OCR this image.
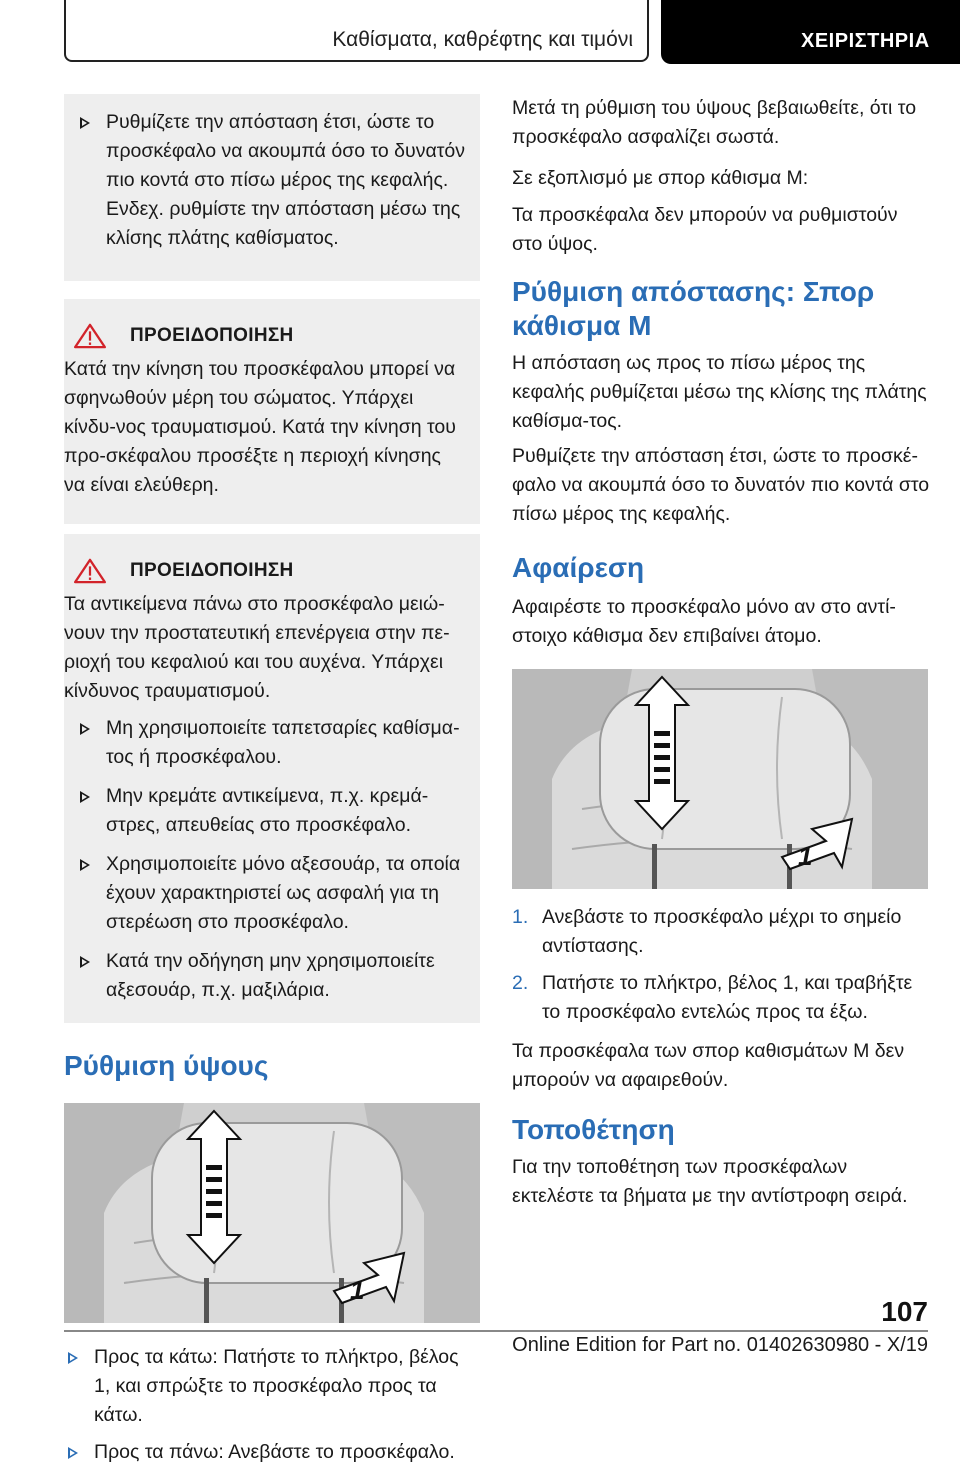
Καθίσματα, καθρέφτης και τιμόνι	ΧΕΙΡΙΣΤΗΡΙΑ
Ρυθμίζετε την απόσταση έτσι, ώστε το προσκέφαλο να ακουμπά όσο το δυνατόν πιο κοντά στο πίσω μέρος της κεφαλής. Ενδεχ. ρυθμίστε την απόσταση μέσω της κλίσης πλάτης καθίσματος.
ΠΡΟΕΙΔΟΠΟΙΗΣΗ

Κατά την κίνηση του προσκέφαλου μπορεί να σφηνωθούν μέρη του σώματος. Υπάρχει κίνδυ-νος τραυματισμού. Κατά την κίνηση του προ-σκέφαλου προσέξτε η περιοχή κίνησης να είναι ελεύθερη.

ΠΡΟΕΙΔΟΠΟΙΗΣΗ

Τα αντικείμενα πάνω στο προσκέφαλο μειώ-νουν την προστατευτική επενέργεια στην πε-ριοχή του κεφαλιού και του αυχένα. Υπάρχει κίνδυνος τραυματισμού.

Μη χρησιμοποιείτε ταπετσαρίες καθίσμα-τος ή προσκέφαλου.
Μην κρεμάτε αντικείμενα, π.χ. κρεμά-στρες, απευθείας στο προσκέφαλο.
Χρησιμοποιείτε μόνο αξεσουάρ, τα οποία έχουν χαρακτηριστεί ως ασφαλή για τη στερέωση στο προσκέφαλο.
Κατά την οδήγηση μην χρησιμοποιείτε αξεσουάρ, π.χ. μαξιλάρια.
Ρύθμιση ύψους
1
Προς τα κάτω: Πατήστε το πλήκτρο, βέλος 1, και σπρώξτε το προσκέφαλο προς τα κάτω.
Προς τα πάνω: Ανεβάστε το προσκέφαλο.

Μετά τη ρύθμιση του ύψους βεβαιωθείτε, ότι το προσκέφαλο ασφαλίζει σωστά.

Σε εξοπλισμό με σπορ κάθισμα M:

Τα προσκέφαλα δεν μπορούν να ρυθμιστούν στο ύψος.

Ρύθμιση απόστασης: Σπορ κάθισμα M

Η απόσταση ως προς το πίσω μέρος της κεφαλής ρυθμίζεται μέσω της κλίσης της πλάτης καθίσμα-τος.

Ρυθμίζετε την απόσταση έτσι, ώστε το προσκέ-φαλο να ακουμπά όσο το δυνατόν πιο κοντά στο πίσω μέρος της κεφαλής.

Αφαίρεση

Αφαιρέστε το προσκέφαλο μόνο αν στο αντί-στοιχο κάθισμα δεν επιβαίνει άτομο.

1
1. Ανεβάστε το προσκέφαλο μέχρι το σημείο αντίστασης.
2. Πατήστε το πλήκτρο, βέλος 1, και τραβήξτε το προσκέφαλο εντελώς προς τα έξω.

Τα προσκέφαλα των σπορ καθισμάτων M δεν μπορούν να αφαιρεθούν.

Τοποθέτηση

Για την τοποθέτηση των προσκέφαλων εκτελέστε τα βήματα με την αντίστροφη σειρά.

107
Online Edition for Part no. 01402630980 - X/19
